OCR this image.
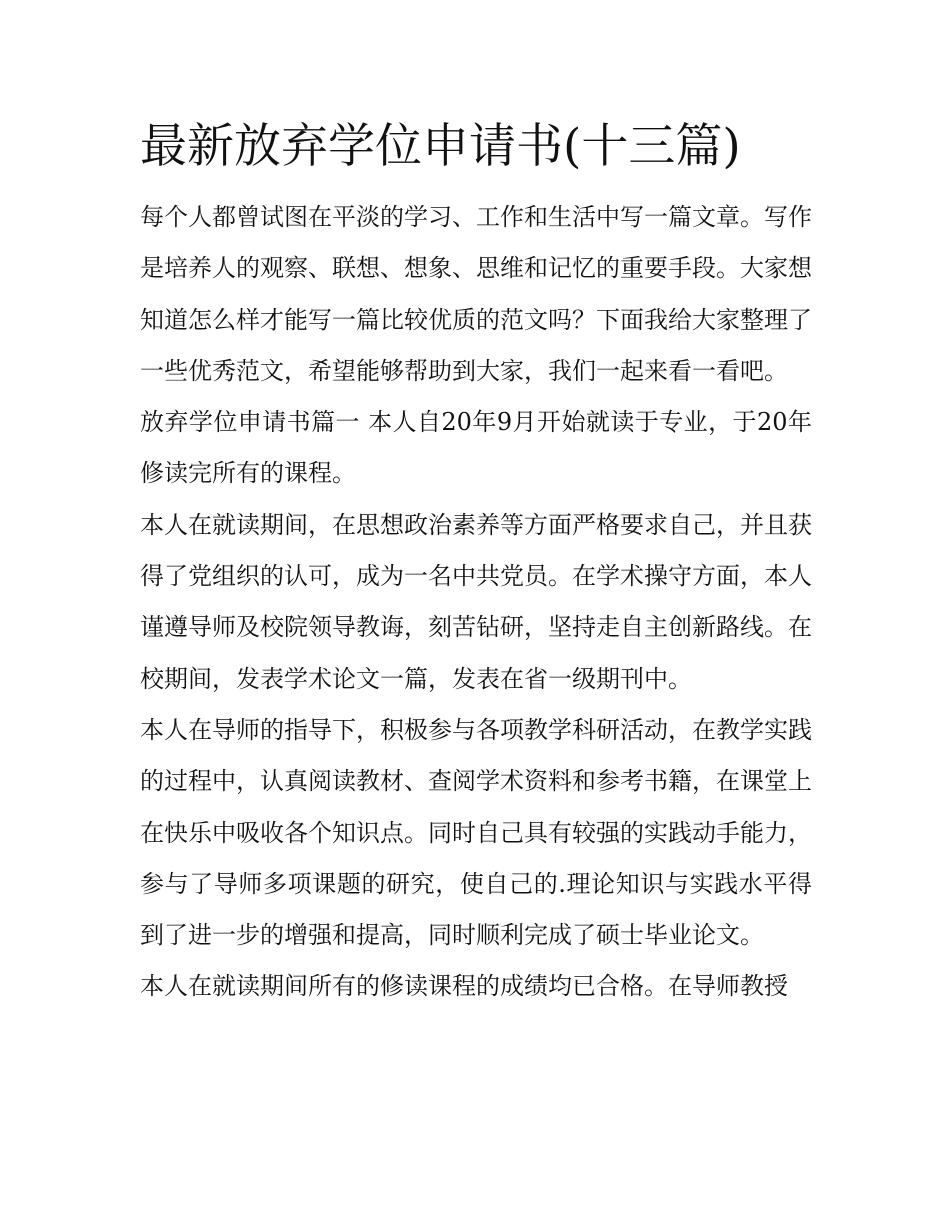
最新放弃学位申请书(十三篇)

每个人都曾试图在平淡的学习、工作和生活中写一篇文章。写作是培养人的观察、联想、想象、思维和记忆的重要手段。大家想知道怎么样才能写一篇比较优质的范文吗？下面我给大家整理了一些优秀范文，希望能够帮助到大家，我们一起来看一看吧。

放弃学位申请书篇一 本人自20年9月开始就读于专业，于20年修读完所有的课程。

本人在就读期间，在思想政治素养等方面严格要求自己，并且获得了党组织的认可，成为一名中共党员。在学术操守方面，本人谨遵导师及校院领导教诲，刻苦钻研，坚持走自主创新路线。在校期间，发表学术论文一篇，发表在省一级期刊中。

本人在导师的指导下，积极参与各项教学科研活动，在教学实践的过程中，认真阅读教材、查阅学术资料和参考书籍，在课堂上在快乐中吸收各个知识点。同时自己具有较强的实践动手能力，参与了导师多项课题的研究，使自己的.理论知识与实践水平得到了进一步的增强和提高，同时顺利完成了硕士毕业论文。

本人在就读期间所有的修读课程的成绩均已合格。在导师教授
